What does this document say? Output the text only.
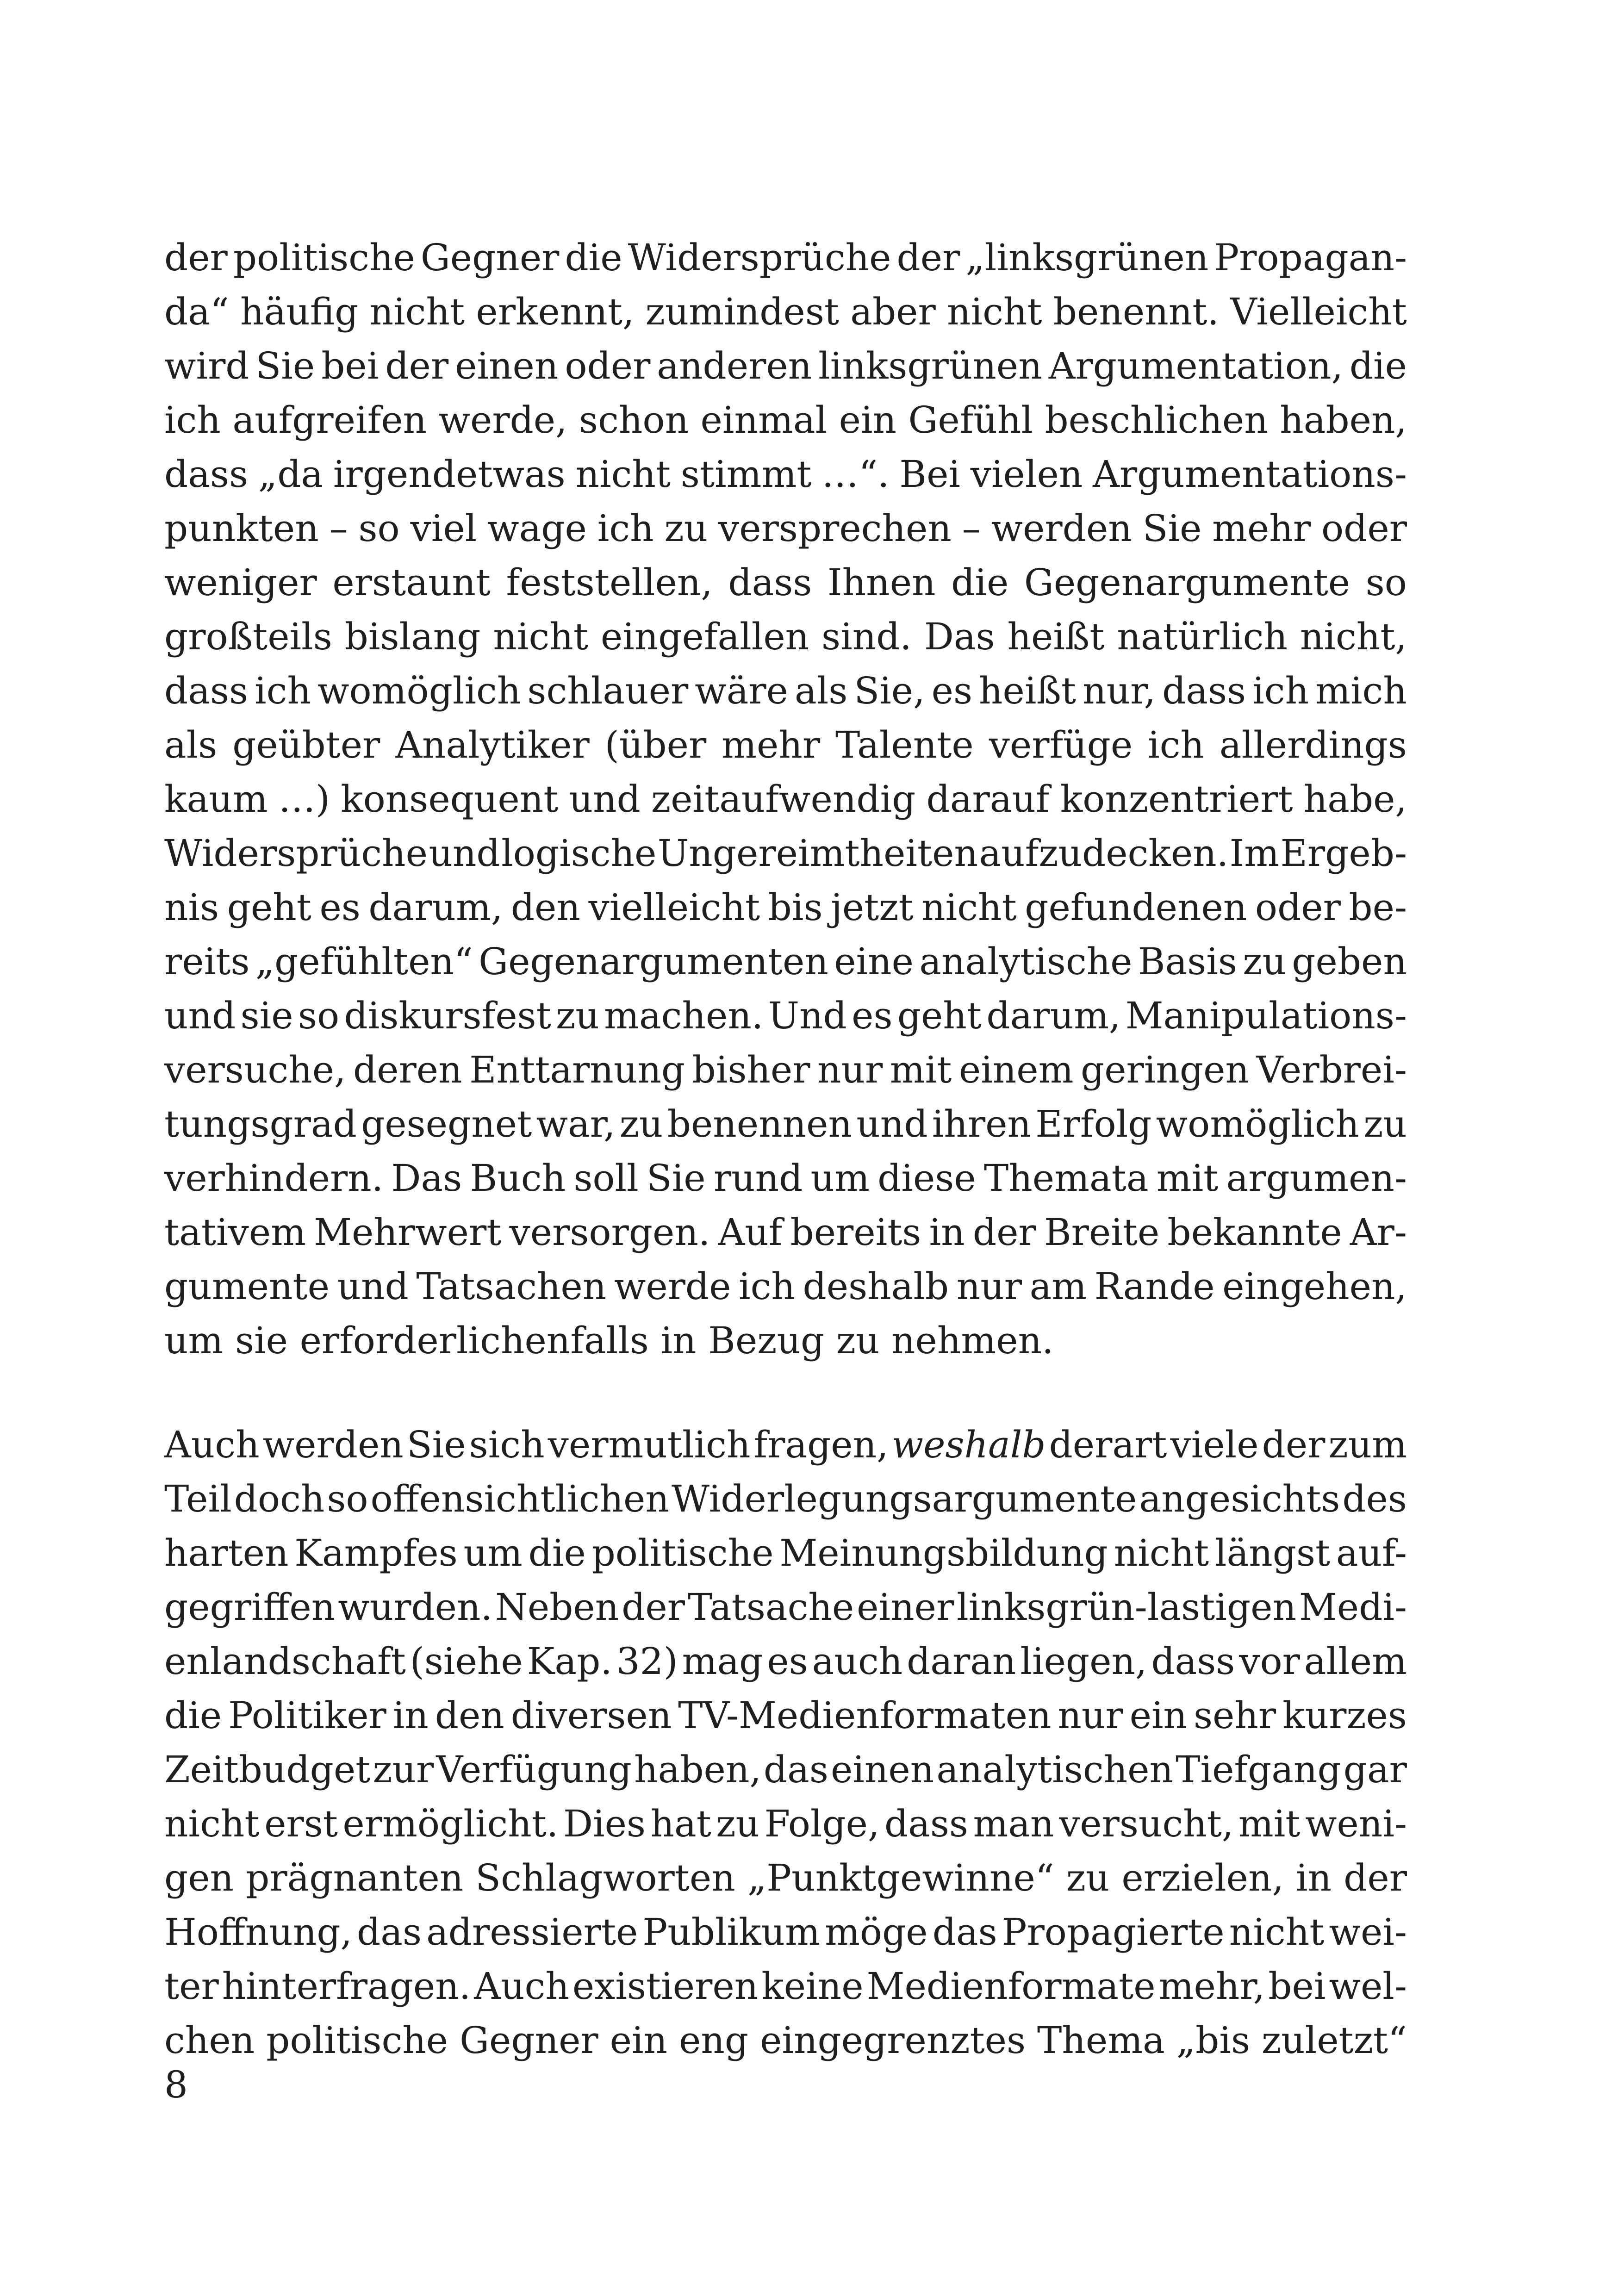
der politische Gegner die Widersprüche der „linksgrünen Propagan-
da“ häufig nicht erkennt, zumindest aber nicht benennt. Vielleicht
wird Sie bei der einen oder anderen linksgrünen Argumentation, die
ich aufgreifen werde, schon einmal ein Gefühl beschlichen haben,
dass „da irgendetwas nicht stimmt …“. Bei vielen Argumentations-
punkten – so viel wage ich zu versprechen – werden Sie mehr oder
weniger erstaunt feststellen, dass Ihnen die Gegenargumente so
großteils bislang nicht eingefallen sind. Das heißt natürlich nicht,
dass ich womöglich schlauer wäre als Sie, es heißt nur, dass ich mich
als geübter Analytiker (über mehr Talente verfüge ich allerdings
kaum …) konsequent und zeitaufwendig darauf konzentriert habe,
Widersprüche und logische Ungereimtheiten aufzudecken. Im Ergeb-
nis geht es darum, den vielleicht bis jetzt nicht gefundenen oder be-
reits „gefühlten“ Gegenargumenten eine analytische Basis zu geben
und sie so diskursfest zu machen. Und es geht darum, Manipulations-
versuche, deren Enttarnung bisher nur mit einem geringen Verbrei-
tungsgrad gesegnet war, zu benennen und ihren Erfolg womöglich zu
verhindern. Das Buch soll Sie rund um diese Themata mit argumen-
tativem Mehrwert versorgen. Auf bereits in der Breite bekannte Ar-
gumente und Tatsachen werde ich deshalb nur am Rande eingehen,
um sie erforderlichenfalls in Bezug zu nehmen.
Auch werden Sie sich vermutlich fragen, weshalb derart viele der zum
Teil doch so offensichtlichen Widerlegungsargumente angesichts des
harten Kampfes um die politische Meinungsbildung nicht längst auf-
gegriffen wurden. Neben der Tatsache einer linksgrün-lastigen Medi-
enlandschaft (siehe Kap. 32) mag es auch daran liegen, dass vor allem
die Politiker in den diversen TV-Medienformaten nur ein sehr kurzes
Zeitbudget zur Verfügung haben, das einen analytischen Tiefgang gar
nicht erst ermöglicht. Dies hat zu Folge, dass man versucht, mit weni-
gen prägnanten Schlagworten „Punktgewinne“ zu erzielen, in der
Hoffnung, das adressierte Publikum möge das Propagierte nicht wei-
ter hinterfragen. Auch existieren keine Medienformate mehr, bei wel-
chen politische Gegner ein eng eingegrenztes Thema „bis zuletzt“
8
